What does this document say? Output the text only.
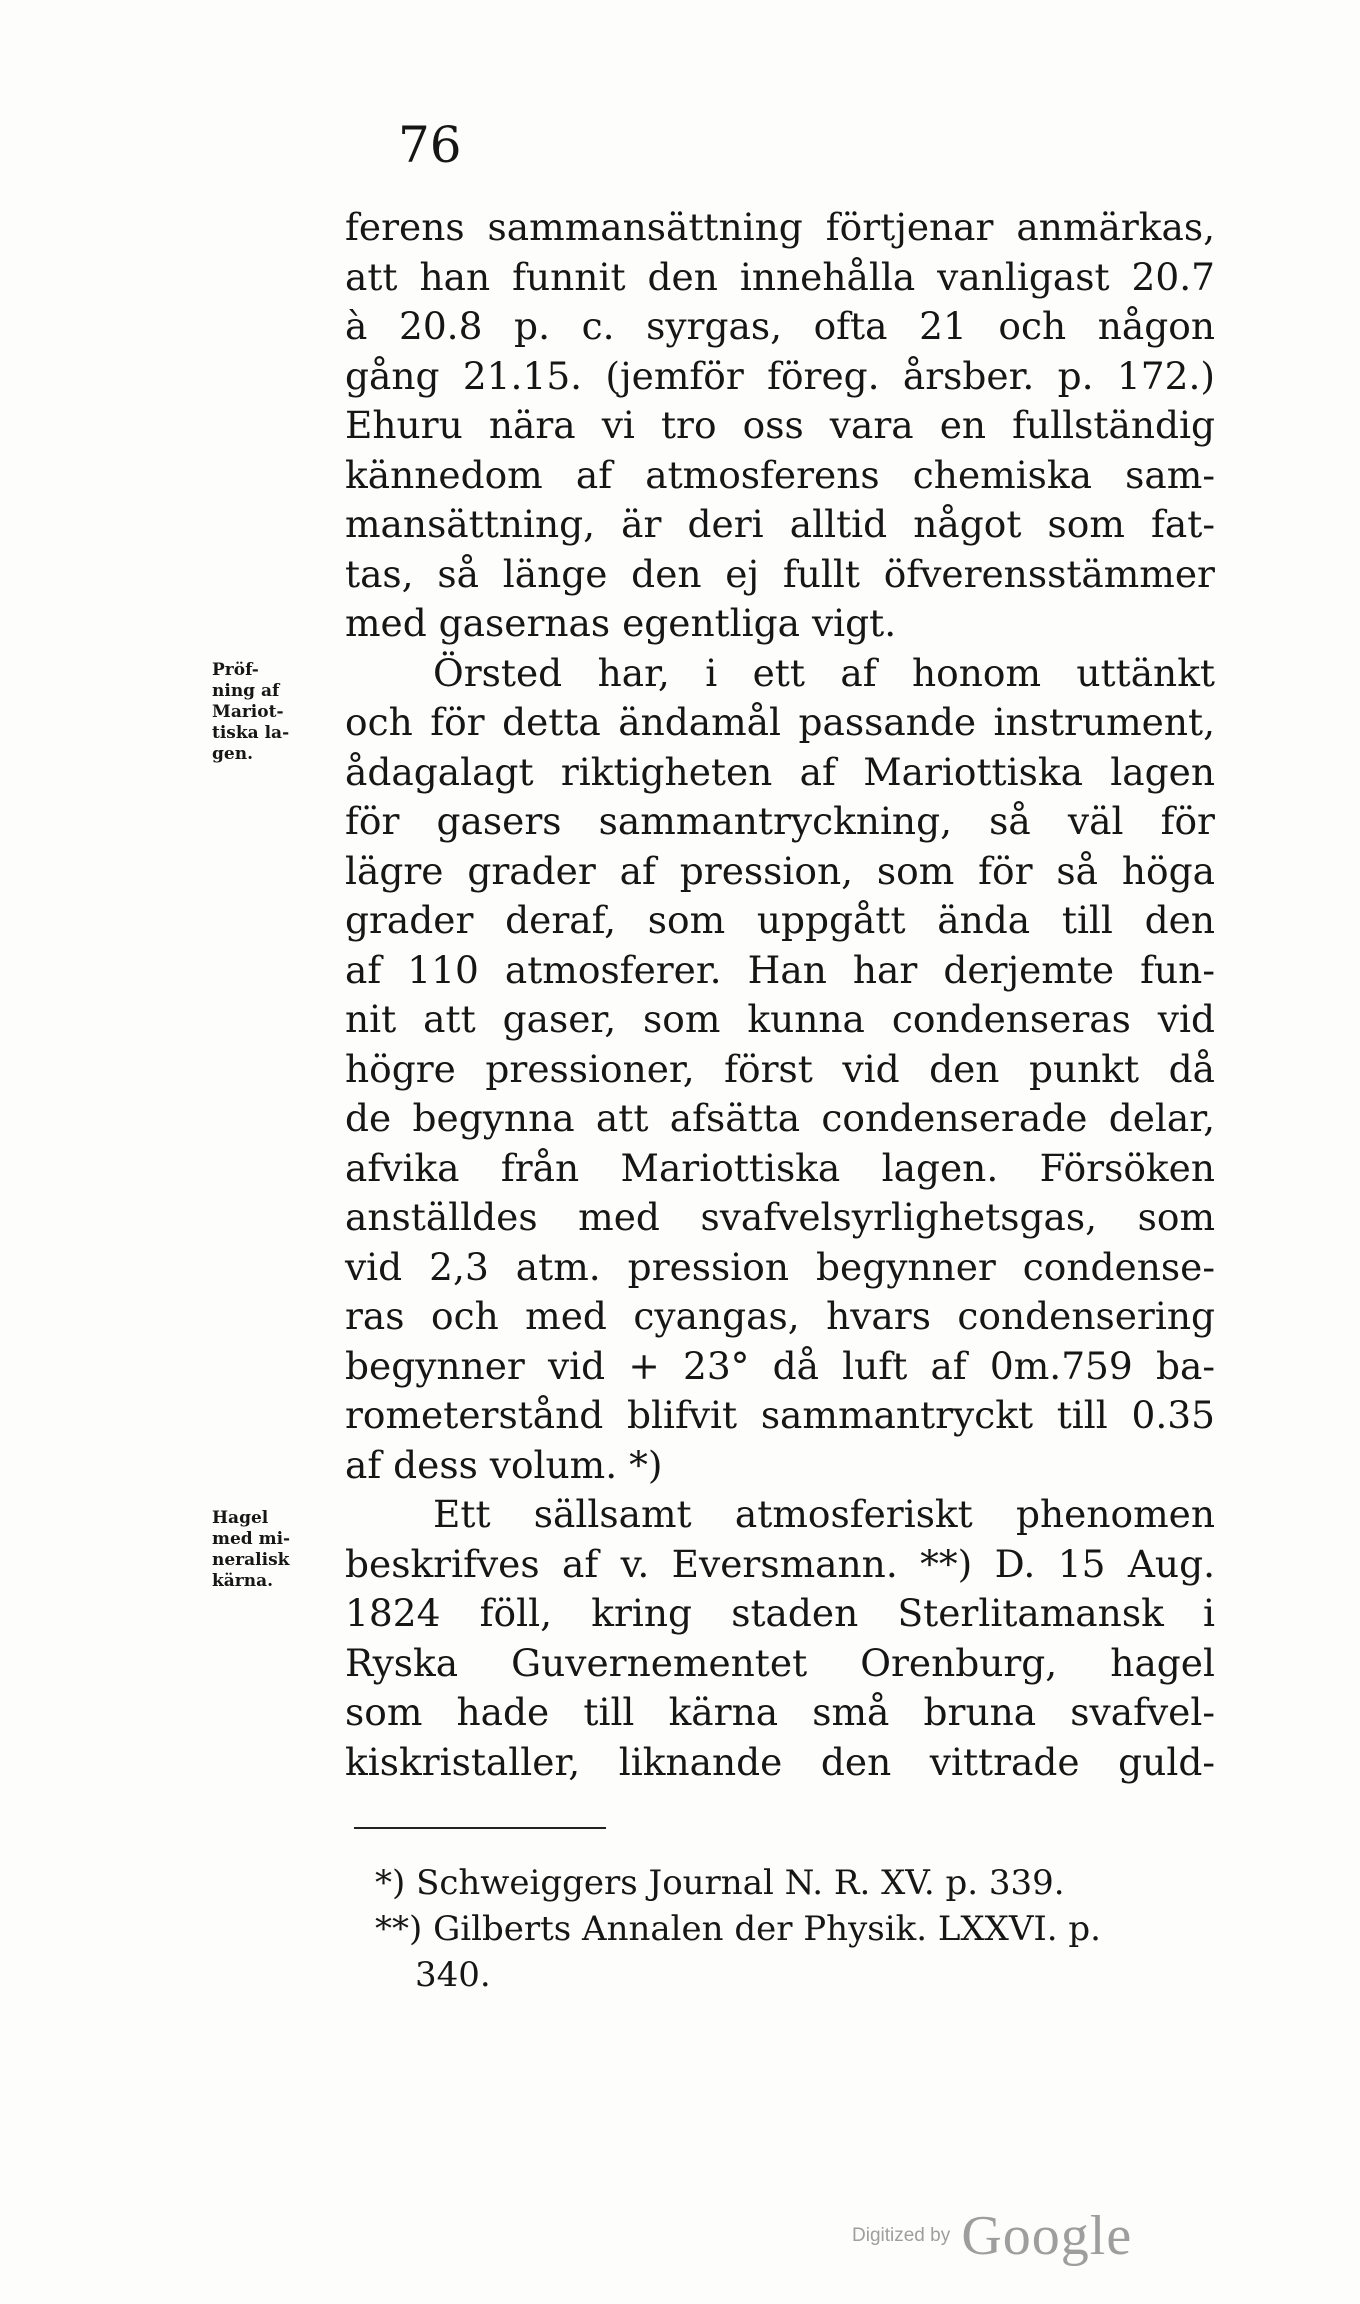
76
ferens sammansättning förtjenar anmärkas,
att han funnit den innehålla vanligast 20.7
à 20.8 p. c. syrgas, ofta 21 och någon
gång 21.15. (jemför föreg. årsber. p. 172.)
Ehuru nära vi tro oss vara en fullständig
kännedom af atmosferens chemiska sam-
mansättning, är deri alltid något som fat-
tas, så länge den ej fullt öfverensstämmer
med gasernas egentliga vigt.
Örsted har, i ett af honom uttänkt
och för detta ändamål passande instrument,
ådagalagt riktigheten af Mariottiska lagen
för gasers sammantryckning, så väl för
lägre grader af pression, som för så höga
grader deraf, som uppgått ända till den
af 110 atmosferer. Han har derjemte fun-
nit att gaser, som kunna condenseras vid
högre pressioner, först vid den punkt då
de begynna att afsätta condenserade delar,
afvika från Mariottiska lagen. Försöken
anställdes med svafvelsyrlighetsgas, som
vid 2,3 atm. pression begynner condense-
ras och med cyangas, hvars condensering
begynner vid + 23° då luft af 0m.759 ba-
rometerstånd blifvit sammantryckt till 0.35
af dess volum. *)
Ett sällsamt atmosferiskt phenomen
beskrifves af v. Eversmann. **) D. 15 Aug.
1824 föll, kring staden Sterlitamansk i
Ryska Guvernementet Orenburg, hagel
som hade till kärna små bruna svafvel-
kiskristaller, liknande den vittrade guld-
Pröf-
ning af
Mariot-
tiska la-
gen.
Hagel
med mi-
neralisk
kärna.
*) Schweiggers Journal N. R. XV. p. 339.
**) Gilberts Annalen der Physik. LXXVI. p.
340.
Digitized by Google
